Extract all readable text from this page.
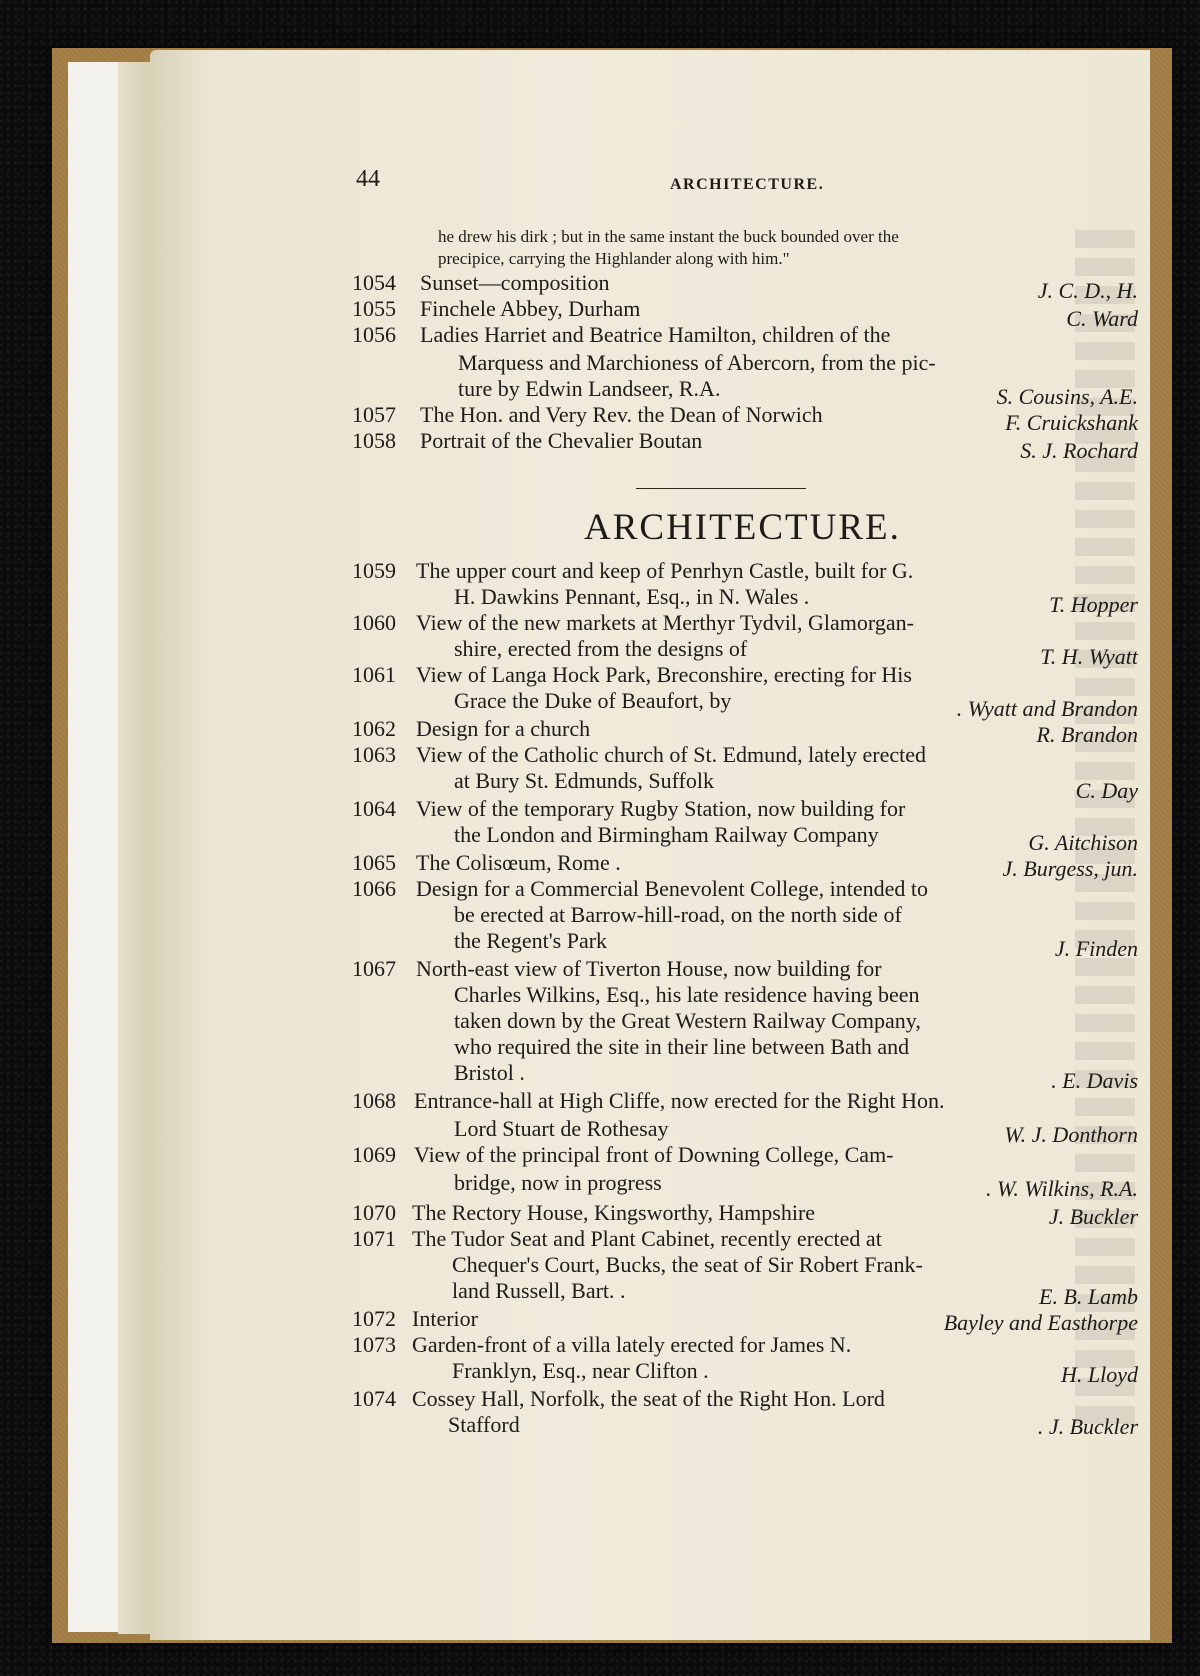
44	ARCHITECTURE.
he drew his dirk ; but in the same instant the buck bounded over the
precipice, carrying the Highlander along with him."
1054 Sunset—composition	J. C. D., H.
1055 Finchele Abbey, Durham	C. Ward
1056 Ladies Harriet and Beatrice Hamilton, children of the
Marquess and Marchioness of Abercorn, from the pic-
ture by Edwin Landseer, R.A.	S. Cousins, A.E.
1057 The Hon. and Very Rev. the Dean of Norwich	F. Cruickshank
1058 Portrait of the Chevalier Boutan	S. J. Rochard
ARCHITECTURE.
1059 The upper court and keep of Penrhyn Castle, built for G.
H. Dawkins Pennant, Esq., in N. Wales .	T. Hopper
1060 View of the new markets at Merthyr Tydvil, Glamorgan-
shire, erected from the designs of	T. H. Wyatt
1061 View of Langa Hock Park, Breconshire, erecting for His
Grace the Duke of Beaufort, by	. Wyatt and Brandon
1062 Design for a church	R. Brandon
1063 View of the Catholic church of St. Edmund, lately erected
at Bury St. Edmunds, Suffolk	C. Day
1064 View of the temporary Rugby Station, now building for
the London and Birmingham Railway Company	G. Aitchison
1065 The Colisœum, Rome .	J. Burgess, jun.
1066 Design for a Commercial Benevolent College, intended to
be erected at Barrow-hill-road, on the north side of
the Regent's Park	J. Finden
1067 North-east view of Tiverton House, now building for
Charles Wilkins, Esq., his late residence having been
taken down by the Great Western Railway Company,
who required the site in their line between Bath and
Bristol .	. E. Davis
1068 Entrance-hall at High Cliffe, now erected for the Right Hon.
Lord Stuart de Rothesay	W. J. Donthorn
1069 View of the principal front of Downing College, Cam-
bridge, now in progress	. W. Wilkins, R.A.
1070 The Rectory House, Kingsworthy, Hampshire	J. Buckler
1071 The Tudor Seat and Plant Cabinet, recently erected at
Chequer's Court, Bucks, the seat of Sir Robert Frank-
land Russell, Bart. .	E. B. Lamb
1072 Interior	Bayley and Easthorpe
1073 Garden-front of a villa lately erected for James N.
Franklyn, Esq., near Clifton .	H. Lloyd
1074 Cossey Hall, Norfolk, the seat of the Right Hon. Lord
Stafford	. J. Buckler
